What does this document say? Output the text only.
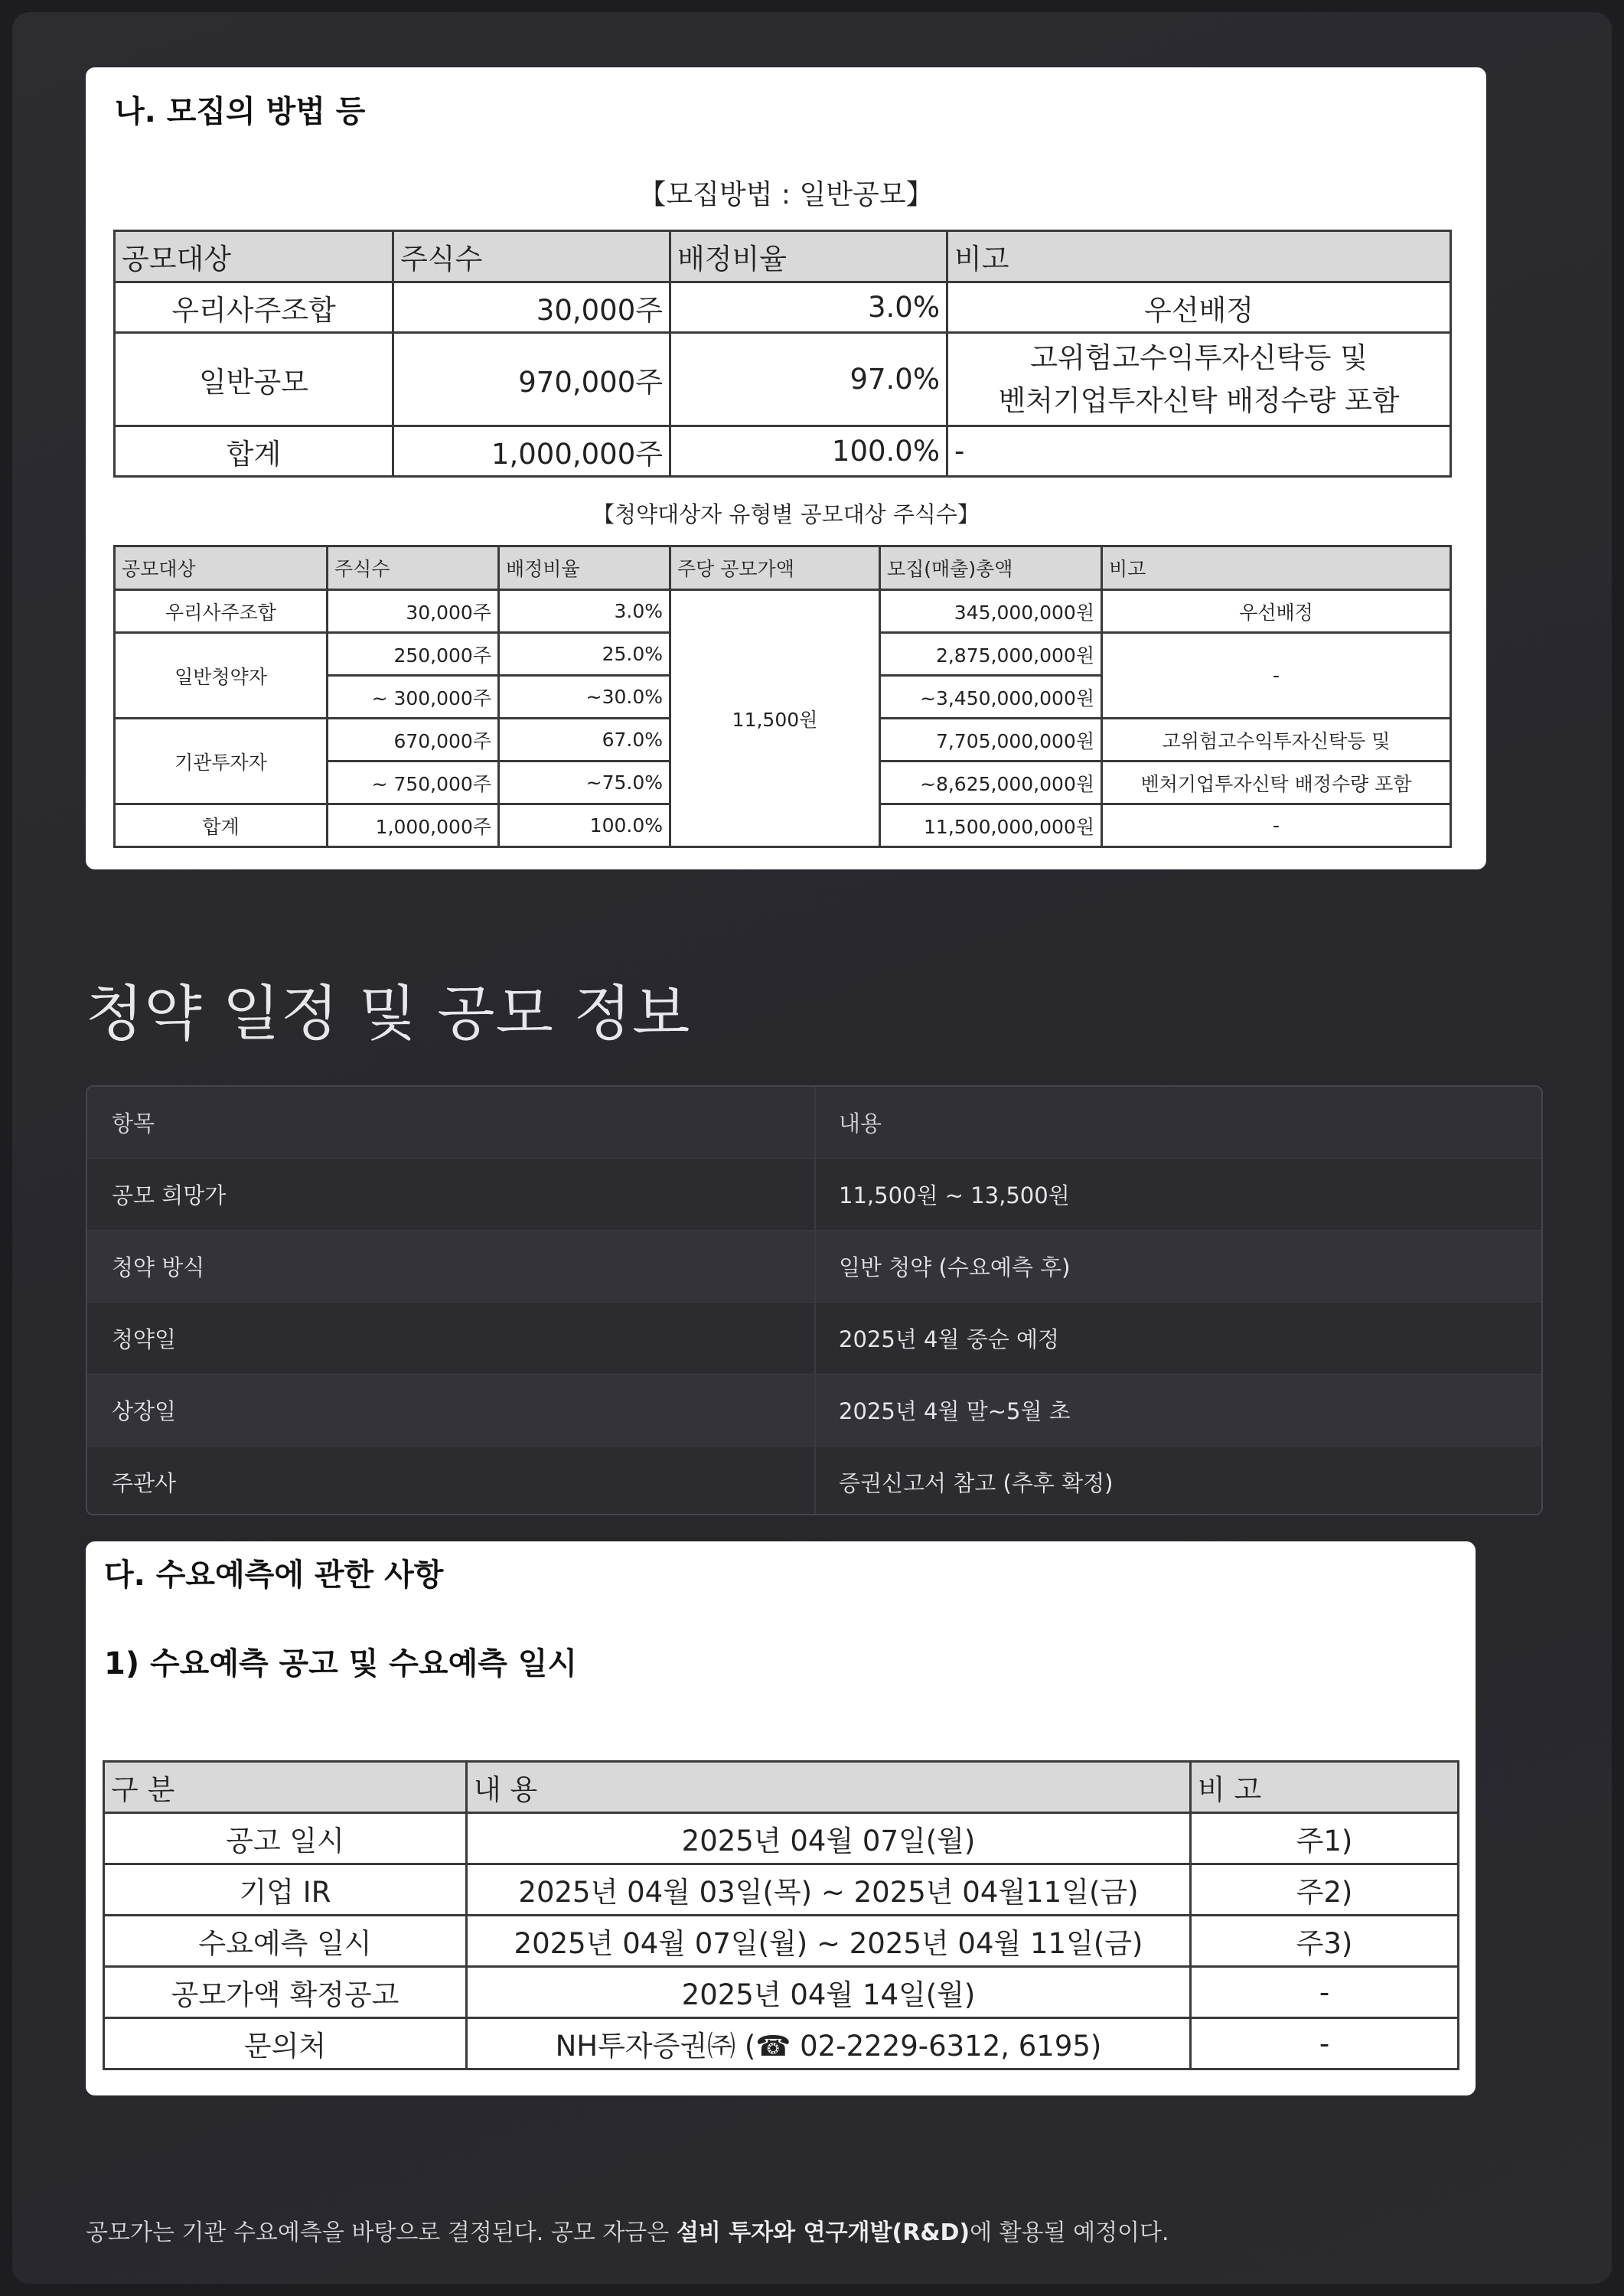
나. 모집의 방법 등
【모집방법 : 일반공모】
공모대상	주식수	배정비율	비고
우리사주조합	30,000주	3.0%	우선배정
일반공모	970,000주	97.0%	고위험고수익투자신탁등 및
벤처기업투자신탁 배정수량 포함

합계	1,000,000주	100.0%	-
【청약대상자 유형별 공모대상 주식수】
공모대상	주식수	배정비율	주당 공모가액	모집(매출)총액	비고
우리사주조합	30,000주	3.0%	11,500원	345,000,000원	우선배정
일반청약자	250,000주	25.0%		2,875,000,000원	-
	~ 300,000주	~30.0%		~3,450,000,000원	
기관투자자	670,000주	67.0%		7,705,000,000원	고위험고수익투자신탁등 및
	~ 750,000주	~75.0%		~8,625,000,000원	벤처기업투자신탁 배정수량 포함
합계	1,000,000주	100.0%		11,500,000,000원	-
청약 일정 및 공모 정보
항목	내용
공모 희망가	11,500원 ~ 13,500원
청약 방식	일반 청약 (수요예측 후)
청약일	2025년 4월 중순 예정
상장일	2025년 4월 말~5월 초
주관사	증권신고서 참고 (추후 확정)
다. 수요예측에 관한 사항
1) 수요예측 공고 및 수요예측 일시
구 분	내 용	비 고
공고 일시	2025년 04월 07일(월)	주1)
기업 IR	2025년 04월 03일(목) ~ 2025년 04월11일(금)	주2)
수요예측 일시	2025년 04월 07일(월) ~ 2025년 04월 11일(금)	주3)
공모가액 확정공고	2025년 04월 14일(월)	-
문의처	NH투자증권㈜ (☎ 02-2229-6312, 6195)	-

공모가는 기관 수요예측을 바탕으로 결정된다. 공모 자금은 설비 투자와 연구개발(R&D)에 활용될 예정이다.
